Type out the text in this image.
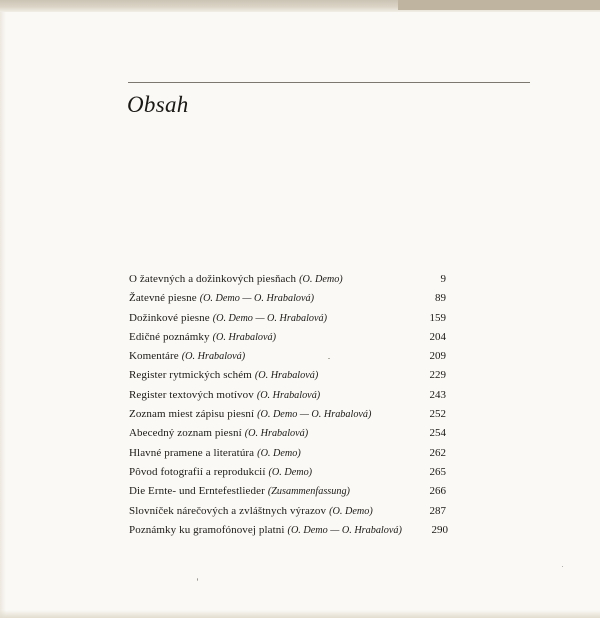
Obsah
O žatevných a dožinkových piesňach (O. Demo)	9
Žatevné piesne (O. Demo — O. Hrabalová)	89
Dožinkové piesne (O. Demo — O. Hrabalová)	159
Edičné poznámky (O. Hrabalová)	204
Komentáre (O. Hrabalová)	209
Register rytmických schém (O. Hrabalová)	229
Register textových motívov (O. Hrabalová)	243
Zoznam miest zápisu piesní (O. Demo — O. Hrabalová)	252
Abecedný zoznam piesní (O. Hrabalová)	254
Hlavné pramene a literatúra (O. Demo)	262
Pôvod fotografií a reprodukcií (O. Demo)	265
Die Ernte- und Erntefestlieder (Zusammenfassung)	266
Slovníček nárečových a zvláštnych výrazov (O. Demo)	287
Poznámky ku gramofónovej platni (O. Demo — O. Hrabalová)	290
